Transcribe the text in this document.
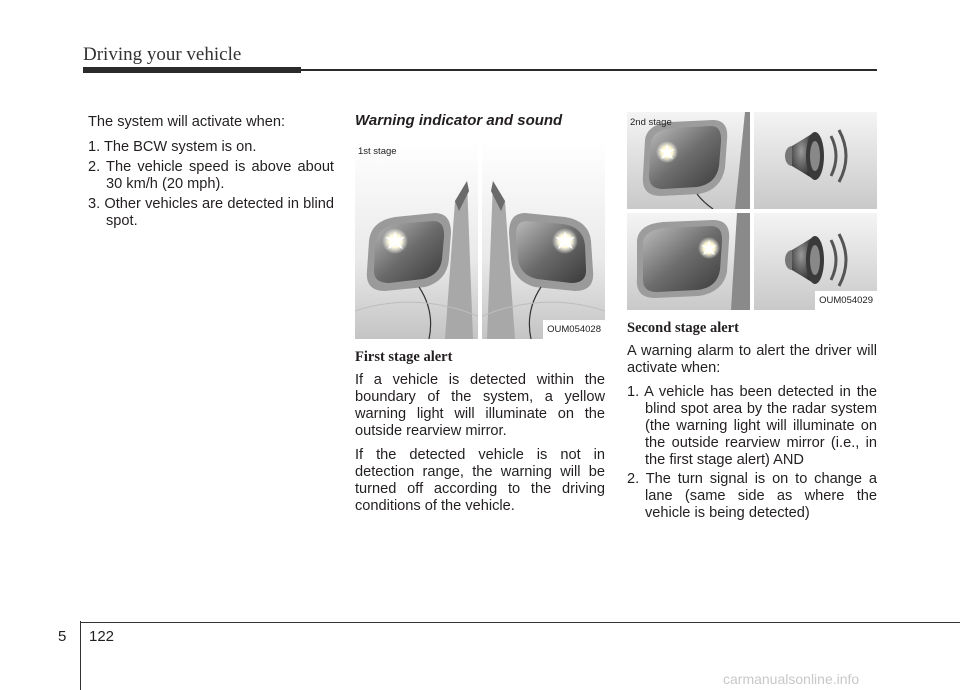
Driving your vehicle

The system will activate when:

1. The BCW system is on.
2. The vehicle speed is above about 30 km/h (20 mph).
3. Other vehicles are detected in blind spot.
Warning indicator and sound
1st stage
OUM054028
First stage alert

If a vehicle is detected within the boundary of the system, a yellow warning light will illuminate on the outside rearview mirror.

If the detected vehicle is not in detection range, the warning will be turned off according to the driving conditions of the vehicle.

2nd stage
OUM054029
Second stage alert

A warning alarm to alert the driver will activate when:

1. A vehicle has been detected in the blind spot area by the radar system (the warning light will illuminate on the outside rearview mirror (i.e., in the first stage alert) AND
2. The turn signal is on to change a lane (same side as where the vehicle is being detected)
5 122
carmanualsonline.info
